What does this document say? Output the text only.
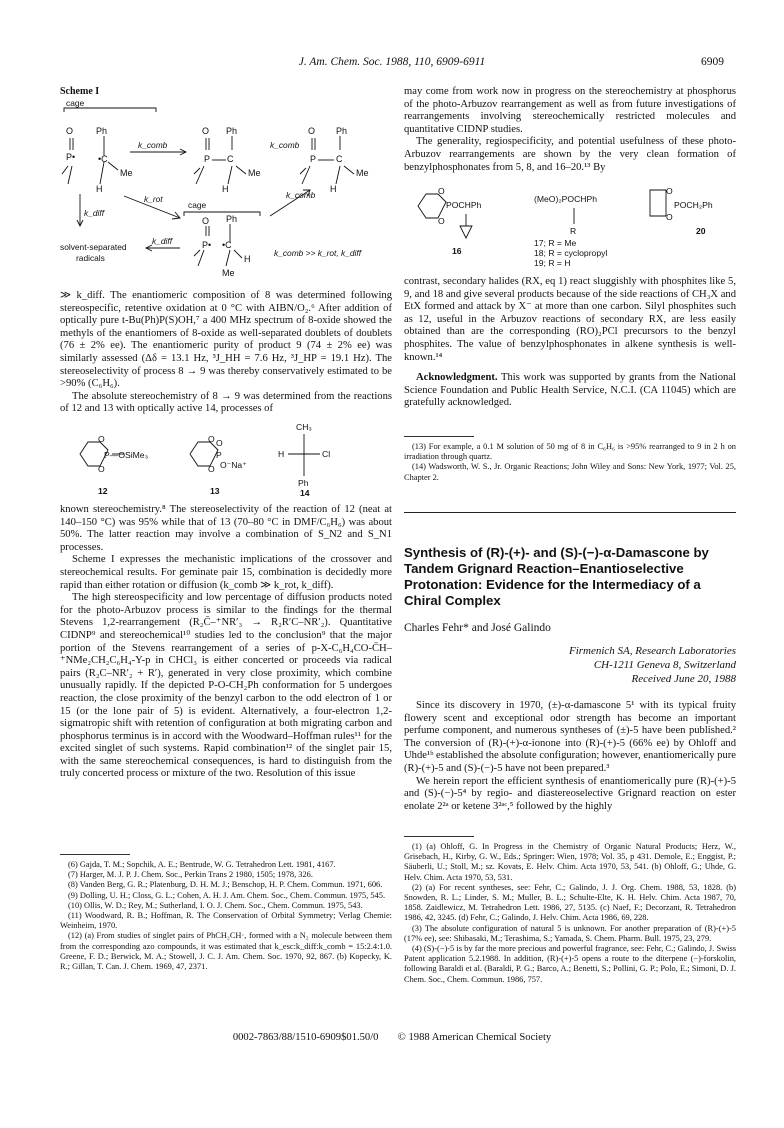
J. Am. Chem. Soc. 1988, 110, 6909-6911	6909
Scheme I
O	Ph
P•	•C
Me
H
O Ph
P C
Me
H
O Ph
P C
Me
H
O Ph
P• •C
H
Me
cage
k_comb	k_comb
k_diff
k_rot
cage
k_comb
k_diff
k_comb >> k_rot, k_diff
solvent-separated
radicals

≫ k_diff. The enantiomeric composition of 8 was determined following stereospecific, retentive oxidation at 0 °C with AIBN/O₂.⁶ After addition of optically pure t-Bu(Ph)P(S)OH,⁷ a 400 MHz spectrum of 8-oxide showed the methyls of the enantiomers of 8-oxide as well-separated doublets of doublets (76 ± 2% ee). The enantiomeric purity of product 9 (74 ± 2% ee) was similarly assessed (Δδ = 13.1 Hz, ³J_HH = 7.6 Hz, ³J_HP = 19.1 Hz). The stereoselectivity of process 8 → 9 was thereby conservatively estimated to be >90% (C₆H₆).

The absolute stereochemistry of 8 → 9 was determined from the reactions of 12 and 13 with optically active 14, processes of

O
P—OSiMe₃
O
O O
P
O⁻Na⁺
O
CH₃
H	Cl
Ph
12	13	14

known stereochemistry.⁸ The stereoselectivity of the reaction of 12 (neat at 140–150 °C) was 95% while that of 13 (70–80 °C in DMF/C₆H₆) was about 50%. The latter reaction may involve a combination of S_N2 and S_N1 processes.

Scheme I expresses the mechanistic implications of the crossover and stereochemical results. For geminate pair 15, combination is decidedly more rapid than either rotation or diffusion (k_comb ≫ k_rot, k_diff).

The high stereospecificity and low percentage of diffusion products noted for the photo-Arbuzov process is similar to the findings for the thermal Stevens 1,2-rearrangement (R₂C̄–⁺NR′₃ → R₂R′C–NR′₂). Quantitative CIDNP⁹ and stereochemical¹⁰ studies led to the conclusion⁹ that the major portion of the Stevens rearrangement of a series of p-X-C₆H₄CO-C̄H–⁺NMe₂CH₂C₆H₄-Y-p in CHCl₃ is either concerted or proceeds via radical pairs (R₂C–NR′₂ + R′), generated in very close proximity, which combine unusually rapidly. If the depicted P-O-CH₂Ph conformation for 5 undergoes reaction, the close proximity of the benzyl carbon to the odd electron of 1 or 15 (or the lone pair of 5) is evident. Alternatively, a four-electron 1,2-sigmatropic shift with retention of configuration at both migrating carbon and phosphorus terminus is in accord with the Woodward–Hoffman rules¹¹ for the excited singlet of such systems. Rapid combination¹² of the singlet pair 15, with the same stereochemical consequences, is hard to distinguish from the truly concerted process or mixture of the two. Resolution of this issue

(6) Gajda, T. M.; Sopchik, A. E.; Bentrude, W. G. Tetrahedron Lett. 1981, 4167.

(7) Harger, M. J. P. J. Chem. Soc., Perkin Trans 2 1980, 1505; 1978, 326.

(8) Vanden Berg, G. R.; Platenburg, D. H. M. J.; Benschop, H. P. Chem. Commun. 1971, 606.

(9) Dolling, U. H.; Closs, G. L.; Cohen, A. H. J. Am. Chem. Soc., Chem. Commun. 1975, 545.

(10) Ollis, W. D.; Rey, M.; Sutherland, I. O. J. Chem. Soc., Chem. Commun. 1975, 543.

(11) Woodward, R. B.; Hoffman, R. The Conservation of Orbital Symmetry; Verlag Chemie: Weinheim, 1970.

(12) (a) From studies of singlet pairs of PhCH₂CH·, formed with a N₂ molecule between them from the corresponding azo compounds, it was estimated that k_esc:k_diff:k_comb = 15:2.4:1.0. Greene, F. D.; Berwick, M. A.; Stowell, J. C. J. Am. Chem. Soc. 1970, 92, 867. (b) Kopecky, K. R.; Gillan, T. Can. J. Chem. 1969, 47, 2371.

may come from work now in progress on the stereochemistry at phosphorus of the photo-Arbuzov rearrangement as well as from future investigations of rearrangements involving stereochemically restricted molecules and quantitative CIDNP studies.

The generality, regiospecificity, and potential usefulness of these photo-Arbuzov rearrangements are shown by the very clean formation of benzylphosphonates from 5, 8, and 16–20.¹³ By

O
O
POCHPh
(MeO)₂POCHPh
R
O
O
POCH₂Ph
17; R = Me
18; R = cyclopropyl
19; R = H
16
20

contrast, secondary halides (RX, eq 1) react sluggishly with phosphites like 5, 9, and 18 and give several products because of the side reactions of CH₃X and EtX formed and attack by X⁻ at more than one carbon. Silyl phosphites such as 12, useful in the Arbuzov reactions of secondary RX, are less easily obtained than are the corresponding (RO)₂PCl precursors to the benzyl phosphites. The value of benzylphosphonates in alkene synthesis is well-known.¹⁴

Acknowledgment. This work was supported by grants from the National Science Foundation and Public Health Service, N.C.I. (CA 11045) which are gratefully acknowledged.

(13) For example, a 0.1 M solution of 50 mg of 8 in C₆H₆ is >95% rearranged to 9 in 2 h on irradiation through quartz.

(14) Wadsworth, W. S., Jr. Organic Reactions; John Wiley and Sons: New York, 1977; Vol. 25, Chapter 2.

Synthesis of (R)-(+)- and (S)-(−)-α-Damascone by Tandem Grignard Reaction–Enantioselective Protonation: Evidence for the Intermediacy of a Chiral Complex
Charles Fehr* and José Galindo
Firmenich SA, Research Laboratories
CH-1211 Geneva 8, Switzerland
Received June 20, 1988

Since its discovery in 1970, (±)-α-damascone 5¹ with its typical fruity flowery scent and exceptional odor strength has become an important perfume component, and numerous syntheses of (±)-5 have been published.² The conversion of (R)-(+)-α-ionone into (R)-(+)-5 (66% ee) by Ohloff and Uhde¹ᵇ established the absolute configuration; however, enantiomerically pure (R)-(+)-5 and (S)-(−)-5 have not been prepared.³

We herein report the efficient synthesis of enantiomerically pure (R)-(+)-5 and (S)-(−)-5⁴ by regio- and diastereoselective Grignard reaction on ester enolate 2²ᵃ or ketene 3²ᵃᶜ,⁵ followed by the highly

(1) (a) Ohloff, G. In Progress in the Chemistry of Organic Natural Products; Herz, W., Grisebach, H., Kirby, G. W., Eds.; Springer: Wien, 1978; Vol. 35, p 431. Demole, E.; Enggist, P.; Säuberli, U.; Stoll, M.; sz. Kovats, E. Helv. Chim. Acta 1970, 53, 541. (b) Ohloff, G.; Uhde, G. Helv. Chim. Acta 1970, 53, 531.

(2) (a) For recent syntheses, see: Fehr, C.; Galindo, J. J. Org. Chem. 1988, 53, 1828. (b) Snowden, R. L.; Linder, S. M.; Muller, B. L.; Schulte-Elte, K. H. Helv. Chim. Acta 1987, 70, 1858. Zaidlewicz, M. Tetrahedron Lett. 1986, 27, 5135. (c) Naef, F.; Decorzant, R. Tetrahedron 1986, 42, 3245. (d) Fehr, C.; Galindo, J. Helv. Chim. Acta 1986, 69, 228.

(3) The absolute configuration of natural 5 is unknown. For another preparation of (R)-(+)-5 (17% ee), see: Shibasaki, M.; Terashima, S.; Yamada, S. Chem. Pharm. Bull. 1975, 23, 279.

(4) (S)-(−)-5 is by far the more precious and powerful fragrance, see: Fehr, C.; Galindo, J. Swiss Patent application 5.2.1988. In addition, (R)-(+)-5 opens a route to the diterpene (−)-forskolin, following Baraldi et al. (Baraldi, P. G.; Barco, A.; Benetti, S.; Pollini, G. P.; Polo, E.; Simoni, D. J. Chem. Soc., Chem. Commun. 1986, 757.

0002-7863/88/1510-6909$01.50/0 © 1988 American Chemical Society
